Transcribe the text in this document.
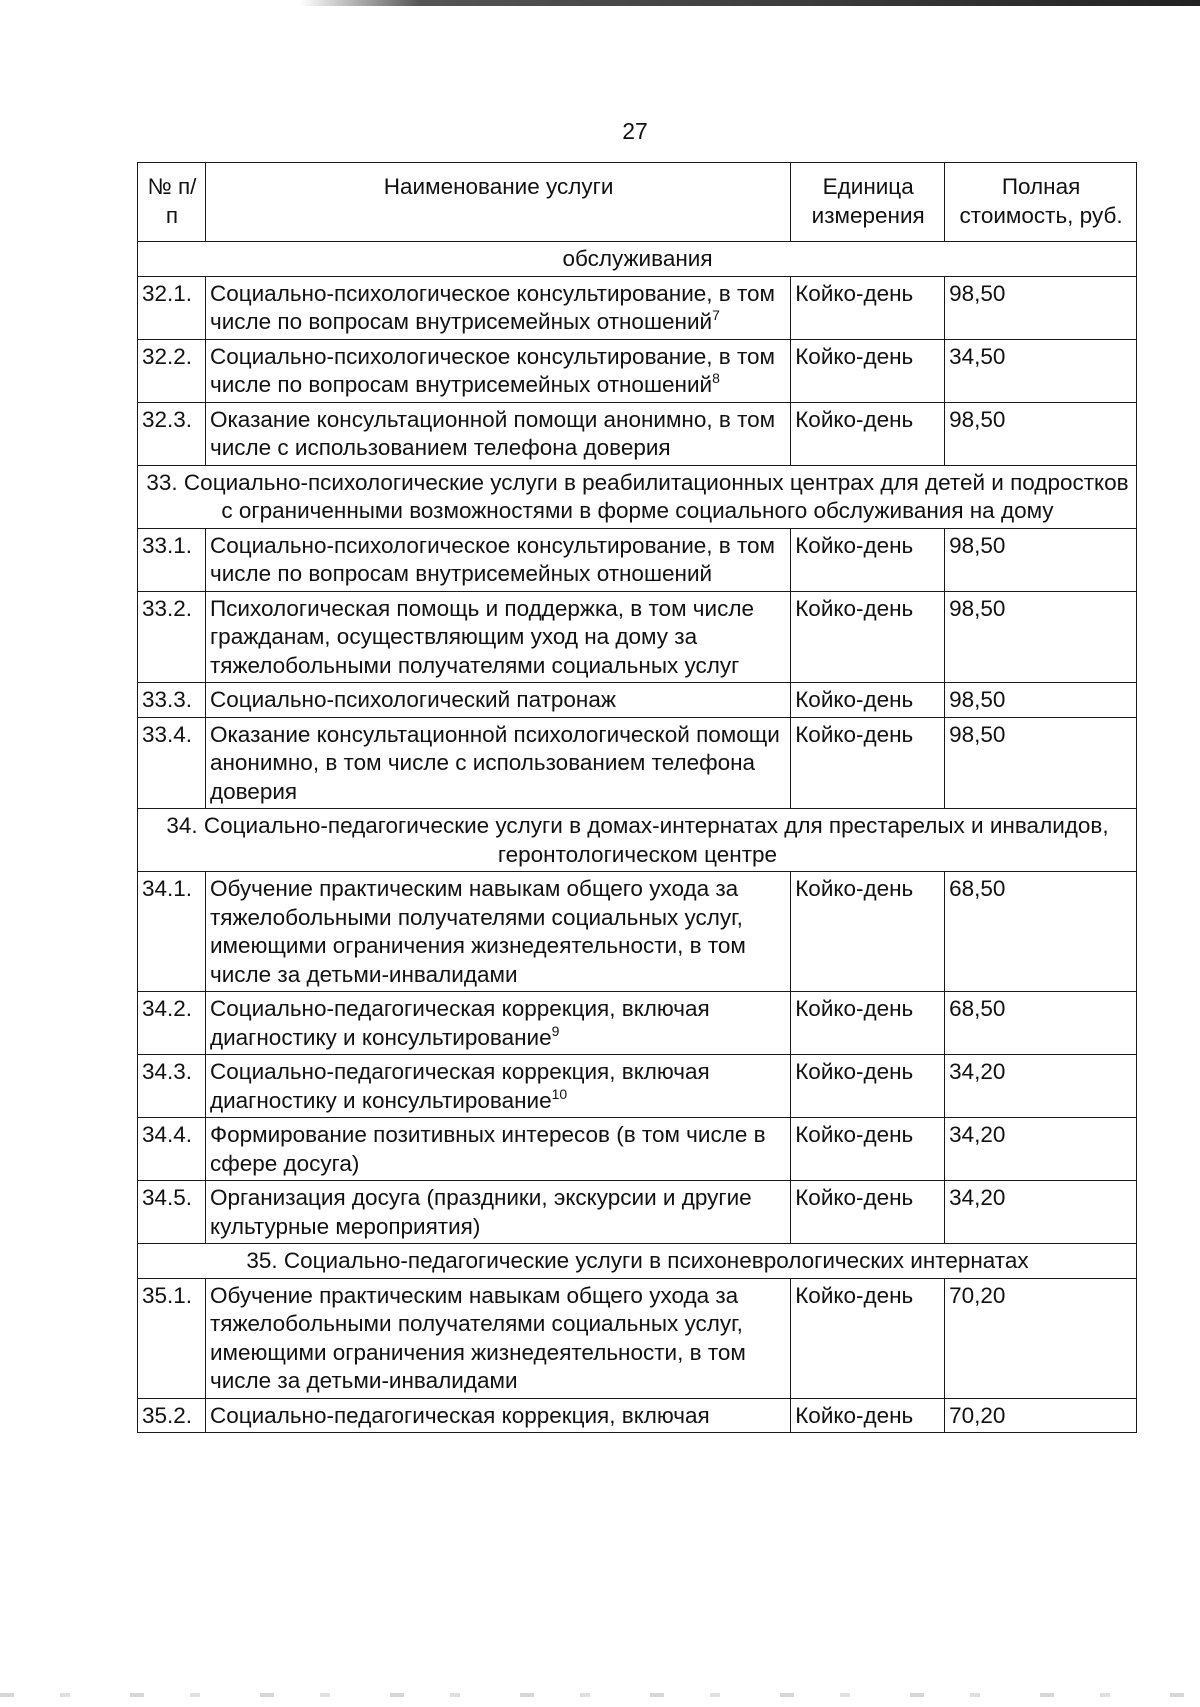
27
№ п/п	Наименование услуги	Единица измерения	Полная стоимость, руб.
обслуживания			
32.1.	Социально-психологическое консультирование, в том числе по вопросам внутрисемейных отношений$^7$	Койко-день	98,50
32.2.	Социально-психологическое консультирование, в том числе по вопросам внутрисемейных отношений$^8$	Койко-день	34,50
32.3.	Оказание консультационной помощи анонимно, в том числе с использованием телефона доверия	Койко-день	98,50
33. Социально-психологические услуги в реабилитационных центрах для детей и подростков с ограниченными возможностями в форме социального обслуживания на дому			
33.1.	Социально-психологическое консультирование, в том числе по вопросам внутрисемейных отношений	Койко-день	98,50
33.2.	Психологическая помощь и поддержка, в том числе гражданам, осуществляющим уход на дому за тяжелобольными получателями социальных услуг	Койко-день	98,50
33.3.	Социально-психологический патронаж	Койко-день	98,50
33.4.	Оказание консультационной психологической помощи анонимно, в том числе с использованием телефона доверия	Койко-день	98,50
34. Социально-педагогические услуги в домах-интернатах для престарелых и инвалидов, геронтологическом центре			
34.1.	Обучение практическим навыкам общего ухода за тяжелобольными получателями социальных услуг, имеющими ограничения жизнедеятельности, в том числе за детьми-инвалидами	Койко-день	68,50
34.2.	Социально-педагогическая коррекция, включая диагностику и консультирование$^9$	Койко-день	68,50
34.3.	Социально-педагогическая коррекция, включая диагностику и консультирование$^{10}$	Койко-день	34,20
34.4.	Формирование позитивных интересов (в том числе в сфере досуга)	Койко-день	34,20
34.5.	Организация досуга (праздники, экскурсии и другие культурные мероприятия)	Койко-день	34,20
35. Социально-педагогические услуги в психоневрологических интернатах			
35.1.	Обучение практическим навыкам общего ухода за тяжелобольными получателями социальных услуг, имеющими ограничения жизнедеятельности, в том числе за детьми-инвалидами	Койко-день	70,20
35.2.	Социально-педагогическая коррекция, включая	Койко-день	70,20
